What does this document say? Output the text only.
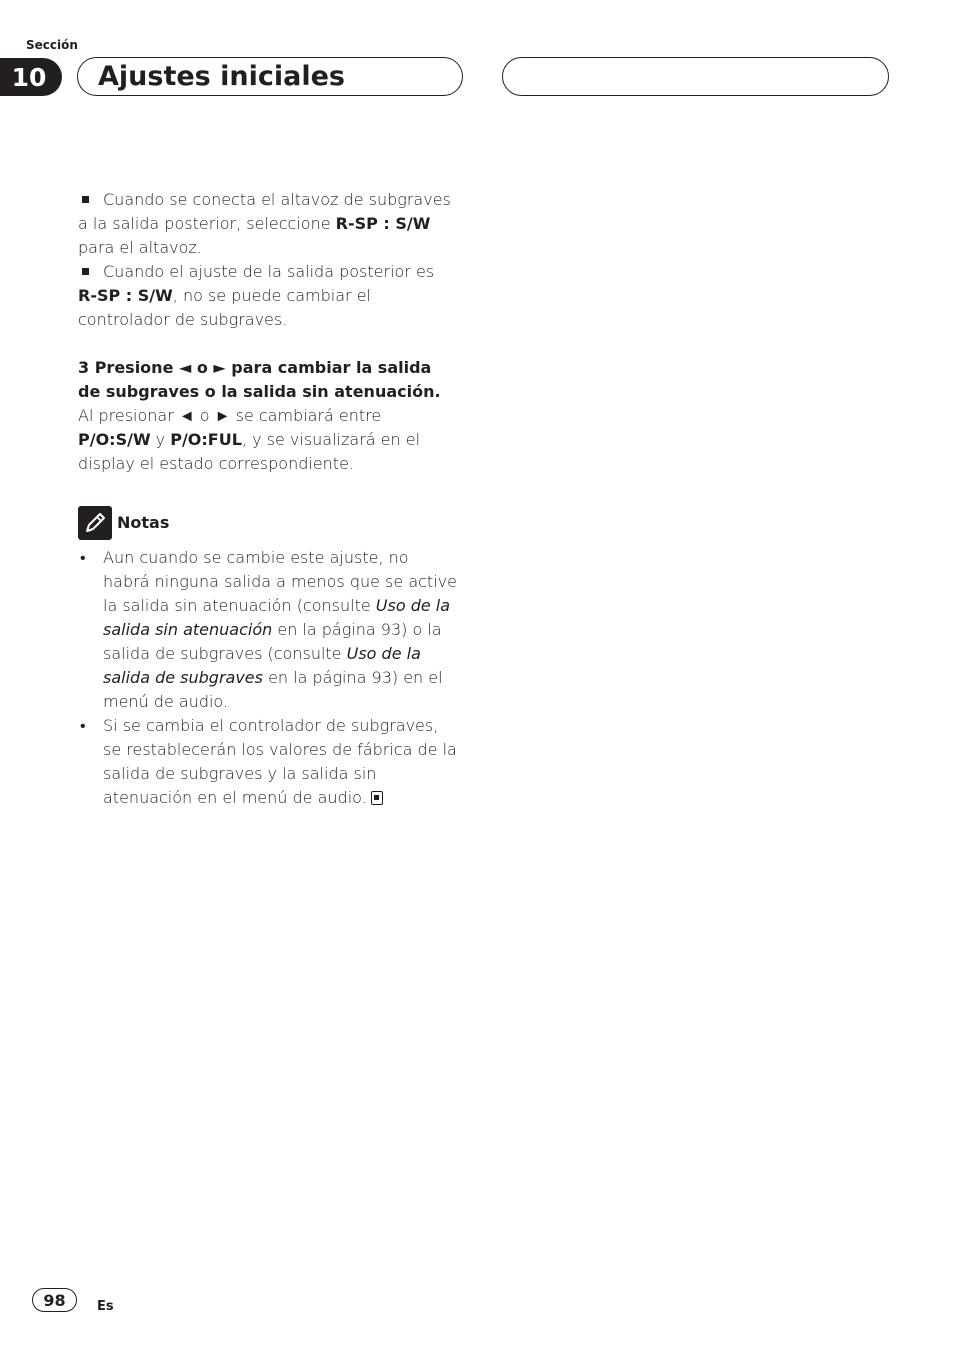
Sección
10	Ajustes iniciales

Cuando se conecta el altavoz de subgraves a la salida posterior, seleccione R-SP : S/W para el altavoz.

Cuando el ajuste de la salida posterior es R-SP : S/W, no se puede cambiar el controlador de subgraves.

3 Presione ◄ o ► para cambiar la salida de subgraves o la salida sin atenuación.

Al presionar ◄ o ► se cambiará entre P/O:S/W y P/O:FUL, y se visualizará en el display el estado correspondiente.

Notas
• Aun cuando se cambie este ajuste, no habrá ninguna salida a menos que se active la salida sin atenuación (consulte Uso de la salida sin atenuación en la página 93) o la salida de subgraves (consulte Uso de la salida de subgraves en la página 93) en el menú de audio.
• Si se cambia el controlador de subgraves, se restablecerán los valores de fábrica de la salida de subgraves y la salida sin atenuación en el menú de audio.
98	Es
